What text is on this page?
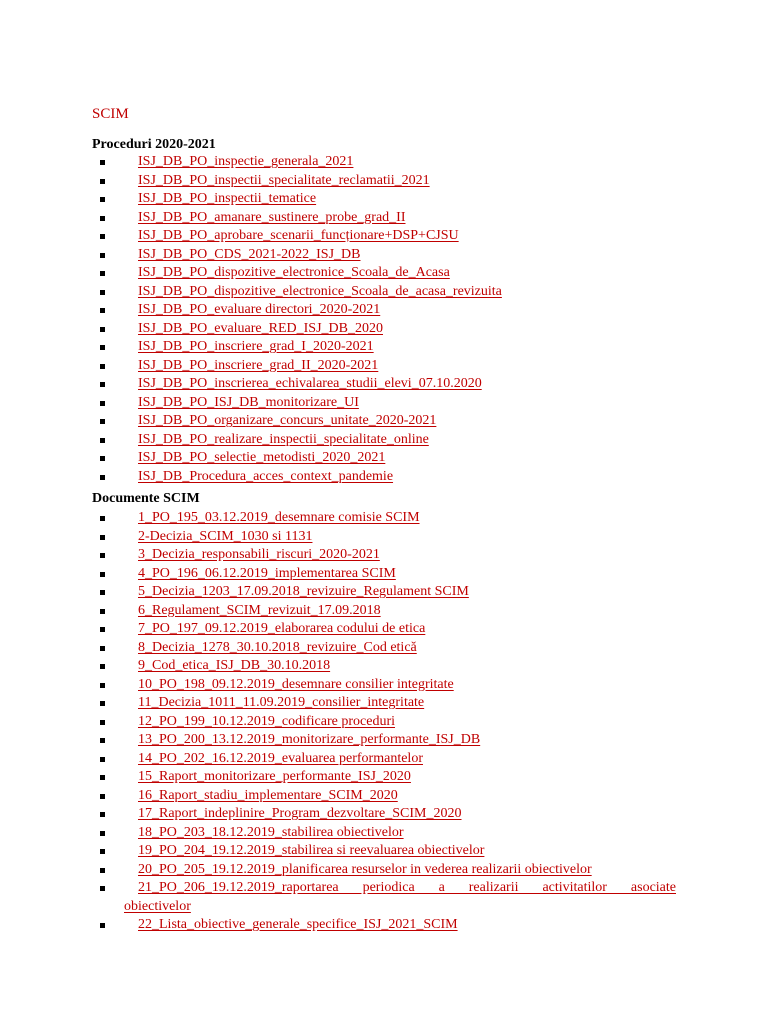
SCIM
Proceduri 2020-2021
ISJ_DB_PO_inspectie_generala_2021
ISJ_DB_PO_inspectii_specialitate_reclamatii_2021
ISJ_DB_PO_inspectii_tematice
ISJ_DB_PO_amanare_sustinere_probe_grad_II
ISJ_DB_PO_aprobare_scenarii_funcționare+DSP+CJSU
ISJ_DB_PO_CDS_2021-2022_ISJ_DB
ISJ_DB_PO_dispozitive_electronice_Scoala_de_Acasa
ISJ_DB_PO_dispozitive_electronice_Scoala_de_acasa_revizuita
ISJ_DB_PO_evaluare directori_2020-2021
ISJ_DB_PO_evaluare_RED_ISJ_DB_2020
ISJ_DB_PO_inscriere_grad_I_2020-2021
ISJ_DB_PO_inscriere_grad_II_2020-2021
ISJ_DB_PO_inscrierea_echivalarea_studii_elevi_07.10.2020
ISJ_DB_PO_ISJ_DB_monitorizare_UI
ISJ_DB_PO_organizare_concurs_unitate_2020-2021
ISJ_DB_PO_realizare_inspectii_specialitate_online
ISJ_DB_PO_selectie_metodisti_2020_2021
ISJ_DB_Procedura_acces_context_pandemie
Documente SCIM
1_PO_195_03.12.2019_desemnare comisie SCIM
2-Decizia_SCIM_1030 si 1131
3_Decizia_responsabili_riscuri_2020-2021
4_PO_196_06.12.2019_implementarea SCIM
5_Decizia_1203_17.09.2018_revizuire_Regulament SCIM
6_Regulament_SCIM_revizuit_17.09.2018
7_PO_197_09.12.2019_elaborarea codului de etica
8_Decizia_1278_30.10.2018_revizuire_Cod etică
9_Cod_etica_ISJ_DB_30.10.2018
10_PO_198_09.12.2019_desemnare consilier integritate
11_Decizia_1011_11.09.2019_consilier_integritate
12_PO_199_10.12.2019_codificare proceduri
13_PO_200_13.12.2019_monitorizare_performante_ISJ_DB
14_PO_202_16.12.2019_evaluarea performantelor
15_Raport_monitorizare_performante_ISJ_2020
16_Raport_stadiu_implementare_SCIM_2020
17_Raport_indeplinire_Program_dezvoltare_SCIM_2020
18_PO_203_18.12.2019_stabilirea obiectivelor
19_PO_204_19.12.2019_stabilirea si reevaluarea obiectivelor
20_PO_205_19.12.2019_planificarea resurselor in vederea realizarii obiectivelor
21_PO_206_19.12.2019_raportarea periodica a realizarii activitatilor asociate
obiectivelor
22_Lista_obiective_generale_specifice_ISJ_2021_SCIM
